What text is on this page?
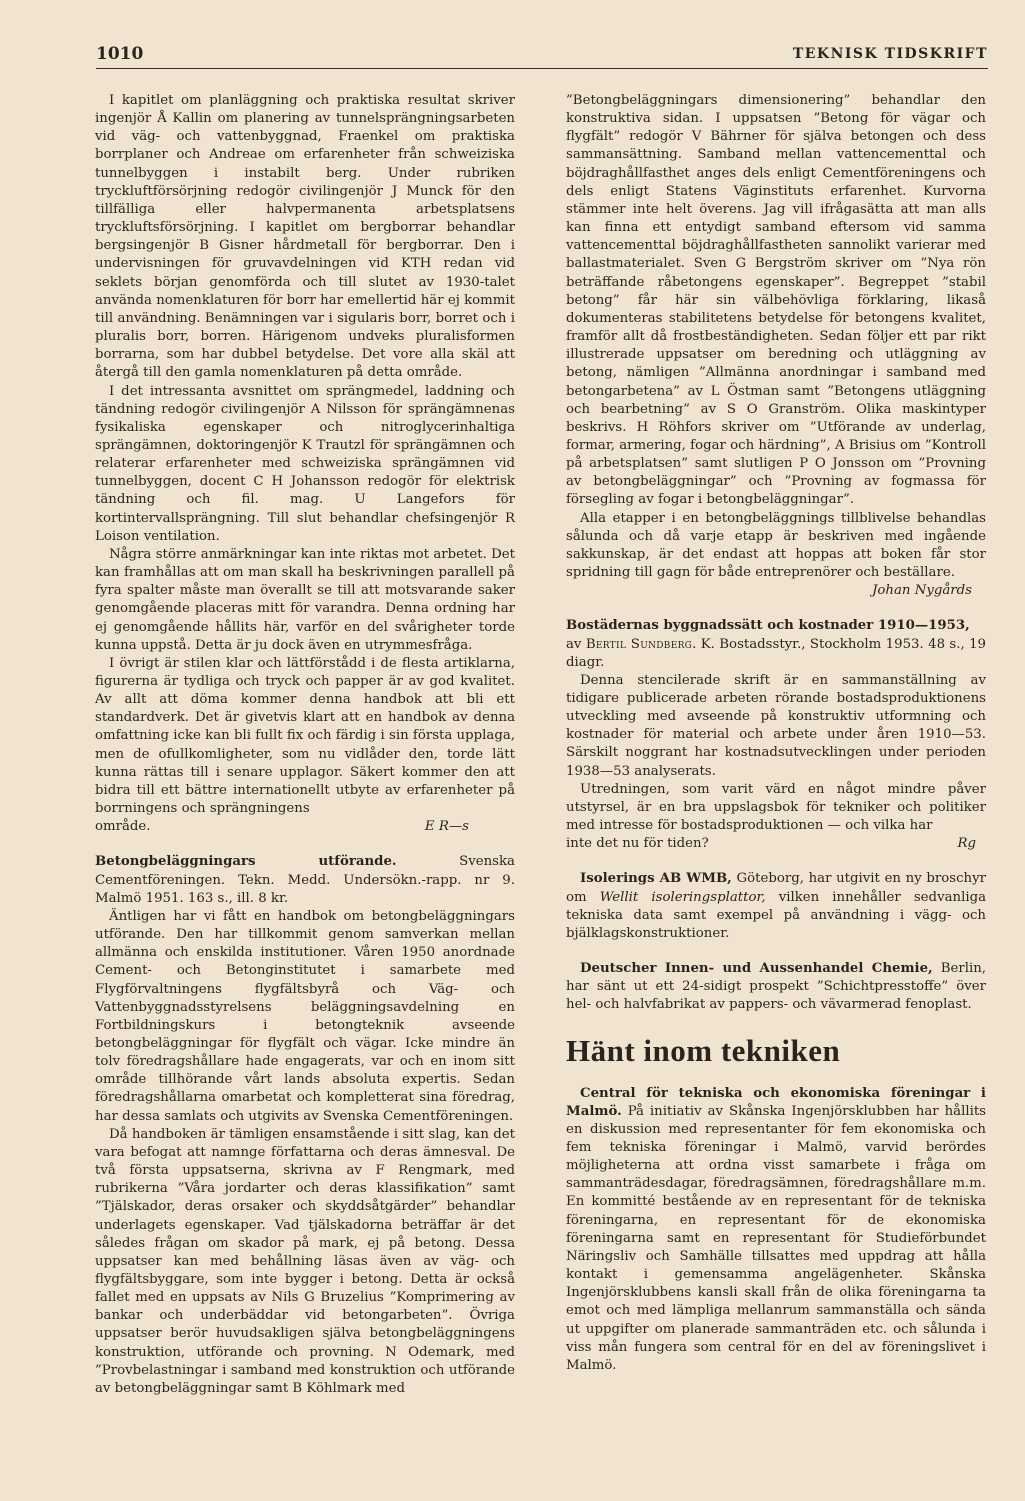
1010	TEKNISK TIDSKRIFT

I kapitlet om planläggning och praktiska resultat skriver ingenjör Å Kallin om planering av tunnelsprängningsarbeten vid väg- och vattenbyggnad, Fraenkel om praktiska borrplaner och Andreae om erfarenheter från schweiziska tunnelbyggen i instabilt berg. Under rubriken tryckluftförsörjning redogör civilingenjör J Munck för den tillfälliga eller halvpermanenta arbetsplatsens tryckluftsförsörjning. I kapitlet om bergborrar behandlar bergsingenjör B Gisner hårdmetall för bergborrar. Den i undervisningen för gruvavdelningen vid KTH redan vid seklets början genomförda och till slutet av 1930-talet använda nomenklaturen för borr har emellertid här ej kommit till användning. Benämningen var i sigularis borr, borret och i pluralis borr, borren. Härigenom undveks pluralisformen borrarna, som har dubbel betydelse. Det vore alla skäl att återgå till den gamla nomenklaturen på detta område.

I det intressanta avsnittet om sprängmedel, laddning och tändning redogör civilingenjör A Nilsson för sprängämnenas fysikaliska egenskaper och nitroglycerinhaltiga sprängämnen, doktoringenjör K Trautzl för sprängämnen och relaterar erfarenheter med schweiziska sprängämnen vid tunnelbyggen, docent C H Johansson redogör för elektrisk tändning och fil. mag. U Langefors för kortintervallsprängning. Till slut behandlar chefsingenjör R Loison ventilation.

Några större anmärkningar kan inte riktas mot arbetet. Det kan framhållas att om man skall ha beskrivningen parallell på fyra spalter måste man överallt se till att motsvarande saker genomgående placeras mitt för varandra. Denna ordning har ej genomgående hållits här, varför en del svårigheter torde kunna uppstå. Detta är ju dock även en utrymmesfråga.

I övrigt är stilen klar och lättförstådd i de flesta artiklarna, figurerna är tydliga och tryck och papper är av god kvalitet. Av allt att döma kommer denna handbok att bli ett standardverk. Det är givetvis klart att en handbok av denna omfattning icke kan bli fullt fix och färdig i sin första upplaga, men de ofullkomligheter, som nu vidlåder den, torde lätt kunna rättas till i senare upplagor. Säkert kommer den att bidra till ett bättre internationellt utbyte av erfarenheter på borrningens och sprängningens

område.	E R—s

Betongbeläggningars utförande. Svenska Cementföreningen. Tekn. Medd. Undersökn.-rapp. nr 9. Malmö 1951. 163 s., ill. 8 kr.

Äntligen har vi fått en handbok om betongbeläggningars utförande. Den har tillkommit genom samverkan mellan allmänna och enskilda institutioner. Våren 1950 anordnade Cement- och Betonginstitutet i samarbete med Flygförvaltningens flygfältsbyrå och Väg- och Vattenbyggnadsstyrelsens beläggningsavdelning en Fortbildningskurs i betongteknik avseende betongbeläggningar för flygfält och vägar. Icke mindre än tolv föredragshållare hade engagerats, var och en inom sitt område tillhörande vårt lands absoluta expertis. Sedan föredragshållarna omarbetat och kompletterat sina föredrag, har dessa samlats och utgivits av Svenska Cementföreningen.

Då handboken är tämligen ensamstående i sitt slag, kan det vara befogat att namnge författarna och deras ämnesval. De två första uppsatserna, skrivna av F Rengmark, med rubrikerna ”Våra jordarter och deras klassifikation” samt ”Tjälskador, deras orsaker och skyddsåtgärder” behandlar underlagets egenskaper. Vad tjälskadorna beträffar är det således frågan om skador på mark, ej på betong. Dessa uppsatser kan med behållning läsas även av väg- och flygfältsbyggare, som inte bygger i betong. Detta är också fallet med en uppsats av Nils G Bruzelius ”Komprimering av bankar och underbäddar vid betongarbeten”. Övriga uppsatser berör huvudsakligen själva betongbeläggningens konstruktion, utförande och provning. N Odemark, med ”Provbelastningar i samband med konstruktion och utförande av betongbeläggningar samt B Köhlmark med

”Betongbeläggningars dimensionering” behandlar den konstruktiva sidan. I uppsatsen ”Betong för vägar och flygfält” redogör V Bährner för själva betongen och dess sammansättning. Samband mellan vattencementtal och böjdraghållfasthet anges dels enligt Cementföreningens och dels enligt Statens Väginstituts erfarenhet. Kurvorna stämmer inte helt överens. Jag vill ifrågasätta att man alls kan finna ett entydigt samband eftersom vid samma vattencementtal böjdraghållfastheten sannolikt varierar med ballastmaterialet. Sven G Bergström skriver om ”Nya rön beträffande råbetongens egenskaper”. Begreppet ”stabil betong” får här sin välbehövliga förklaring, likaså dokumenteras stabilitetens betydelse för betongens kvalitet, framför allt då frostbeständigheten. Sedan följer ett par rikt illustrerade uppsatser om beredning och utläggning av betong, nämligen ”Allmänna anordningar i samband med betongarbetena” av L Östman samt ”Betongens utläggning och bearbetning” av S O Granström. Olika maskintyper beskrivs. H Röhfors skriver om ”Utförande av underlag, formar, armering, fogar och härdning”, A Brisius om ”Kontroll på arbetsplatsen” samt slutligen P O Jonsson om ”Provning av betongbeläggningar” och ”Provning av fogmassa för försegling av fogar i betongbeläggningar”.

Alla etapper i en betongbeläggnings tillblivelse behandlas sålunda och då varje etapp är beskriven med ingående sakkunskap, är det endast att hoppas att boken får stor spridning till gagn för både entreprenörer och beställare.

Johan Nygårds

Bostädernas byggnadssätt och kostnader 1910—1953,
av Bertil Sundberg. K. Bostadsstyr., Stockholm 1953. 48 s., 19 diagr.

Denna stencilerade skrift är en sammanställning av tidigare publicerade arbeten rörande bostadsproduktionens utveckling med avseende på konstruktiv utformning och kostnader för material och arbete under åren 1910—53. Särskilt noggrant har kostnadsutvecklingen under perioden 1938—53 analyserats.

Utredningen, som varit värd en något mindre påver utstyrsel, är en bra uppslagsbok för tekniker och politiker med intresse för bostadsproduktionen — och vilka har

inte det nu för tiden?	Rg

Isolerings AB WMB, Göteborg, har utgivit en ny broschyr om Wellit isoleringsplattor, vilken innehåller sedvanliga tekniska data samt exempel på användning i vägg- och bjälklagskonstruktioner.

Deutscher Innen- und Aussenhandel Chemie, Berlin, har sänt ut ett 24-sidigt prospekt ”Schichtpresstoffe” över hel- och halvfabrikat av pappers- och vävarmerad fenoplast.

Hänt inom tekniken

Central för tekniska och ekonomiska föreningar i Malmö. På initiativ av Skånska Ingenjörsklubben har hållits en diskussion med representanter för fem ekonomiska och fem tekniska föreningar i Malmö, varvid berördes möjligheterna att ordna visst samarbete i fråga om sammanträdesdagar, föredragsämnen, föredragshållare m.m. En kommitté bestående av en representant för de tekniska föreningarna, en representant för de ekonomiska föreningarna samt en representant för Studieförbundet Näringsliv och Samhälle tillsattes med uppdrag att hålla kontakt i gemensamma angelägenheter. Skånska Ingenjörsklubbens kansli skall från de olika föreningarna ta emot och med lämpliga mellanrum sammanställa och sända ut uppgifter om planerade sammanträden etc. och sålunda i viss mån fungera som central för en del av föreningslivet i Malmö.
